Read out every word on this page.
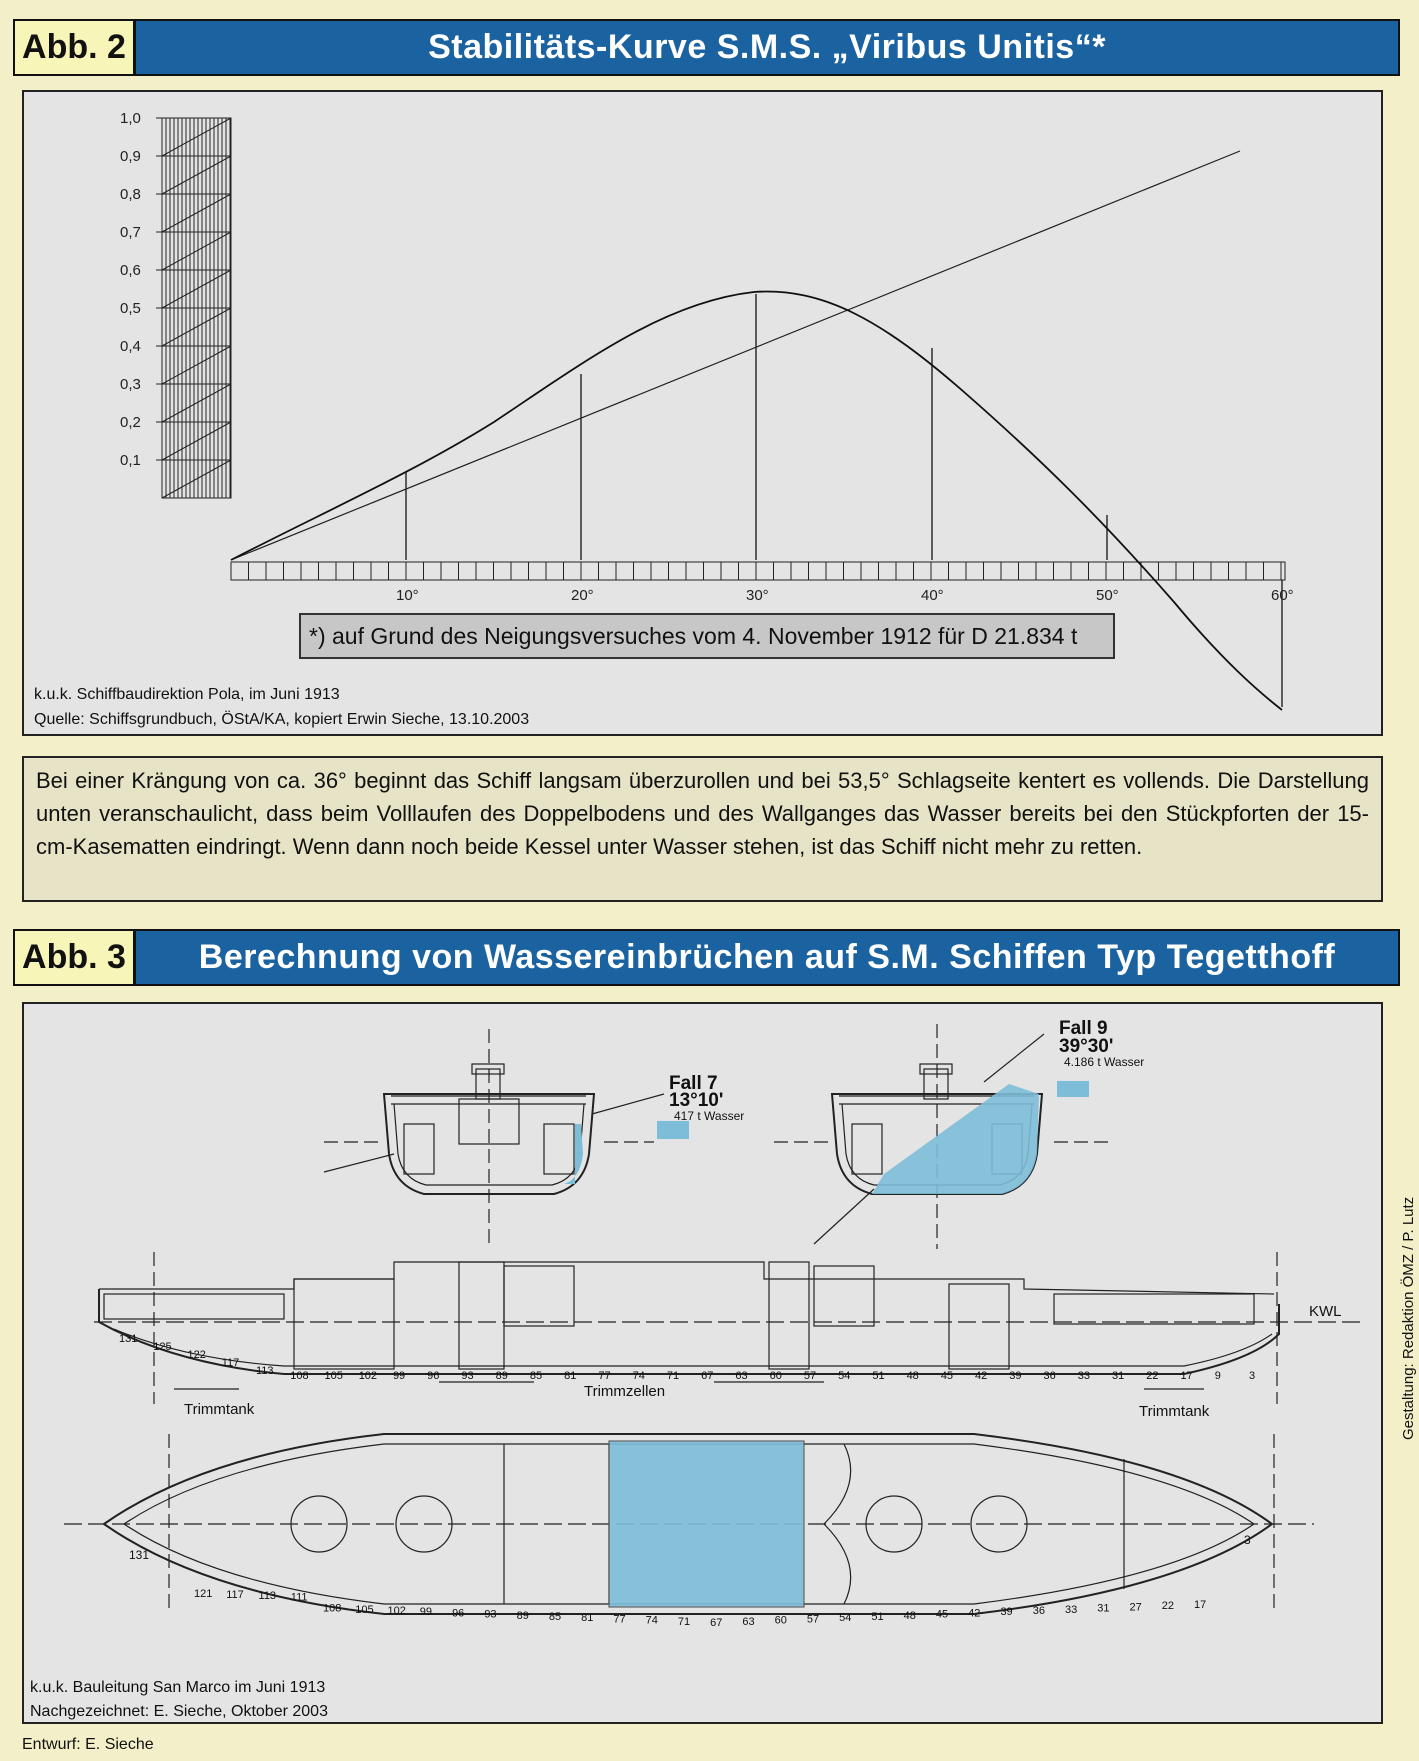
Abb. 2	Stabilitäts-Kurve S.M.S. „Viribus Unitis“*
1,0
0,9
0,8
0,7
0,6
0,5
0,4
0,3
0,2
0,1
10°	20°	30°	40°	50°	60°
*) auf Grund des Neigungsversuches vom 4. November 1912 für D 21.834 t
k.u.k. Schiffbaudirektion Pola, im Juni 1913
Quelle: Schiffsgrundbuch, ÖStA/KA, kopiert Erwin Sieche, 13.10.2003
Bei einer Krängung von ca. 36° beginnt das Schiff langsam überzurollen und bei 53,5° Schlagseite kentert es vollends. Die Darstellung unten veranschaulicht, dass beim Volllaufen des Doppelbodens und des Wallganges das Wasser bereits bei den Stückpforten der 15-cm-Kasematten eindringt. Wenn dann noch beide Kessel unter Wasser stehen, ist das Schiff nicht mehr zu retten.
Abb. 3	Berechnung von Wassereinbrüchen auf S.M. Schiffen Typ Tegetthoff
Fall 7
13°10'
417 t Wasser
Fall 9
39°30'
4.186 t Wasser
KWL
Trimmtank	Trimmtank
Trimmzellen
131
3
131
125
122
117
113 108 105 102 99 96 93 89 85 81 77 74 71 67 63 60 57 54 51 48 45 42 39 36 33 31 22 17 9	3
121 117 113 111
108 105 102 99 96 93 89 85 81 77 74 71 67 63 60 57 54 51 48 45 42 39 36 33 31 27 22 17
k.u.k. Bauleitung San Marco im Juni 1913
Nachgezeichnet: E. Sieche, Oktober 2003
Entwurf: E. Sieche
Gestaltung: Redaktion ÖMZ / P. Lutz
